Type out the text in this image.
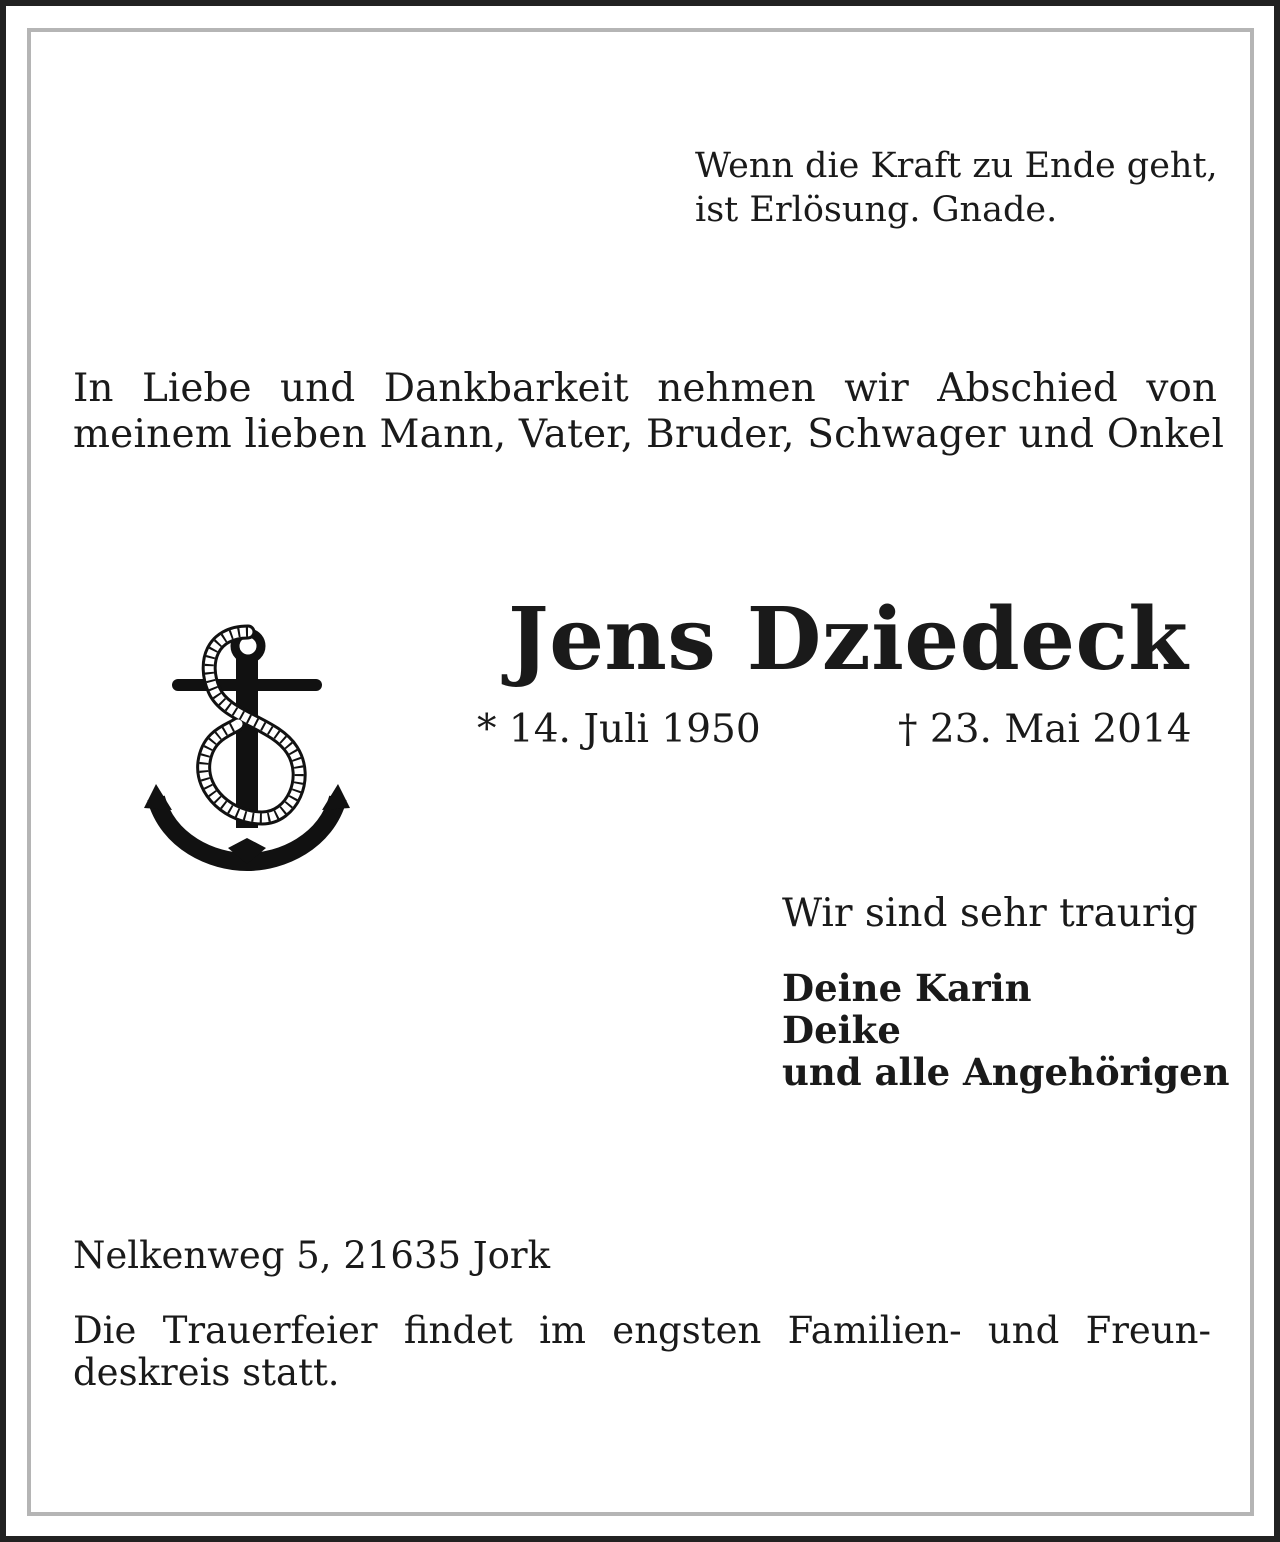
Wenn die Kraft zu Ende geht,
ist Erlösung. Gnade.
In Liebe und Dankbarkeit nehmen wir Abschied von
meinem lieben Mann, Vater, Bruder, Schwager und Onkel
Jens Dziedeck
* 14. Juli 1950	† 23. Mai 2014
Wir sind sehr traurig
Deine Karin
Deike
und alle Angehörigen
Nelkenweg 5, 21635 Jork
Die Trauerfeier findet im engsten Familien- und Freun-
deskreis statt.
